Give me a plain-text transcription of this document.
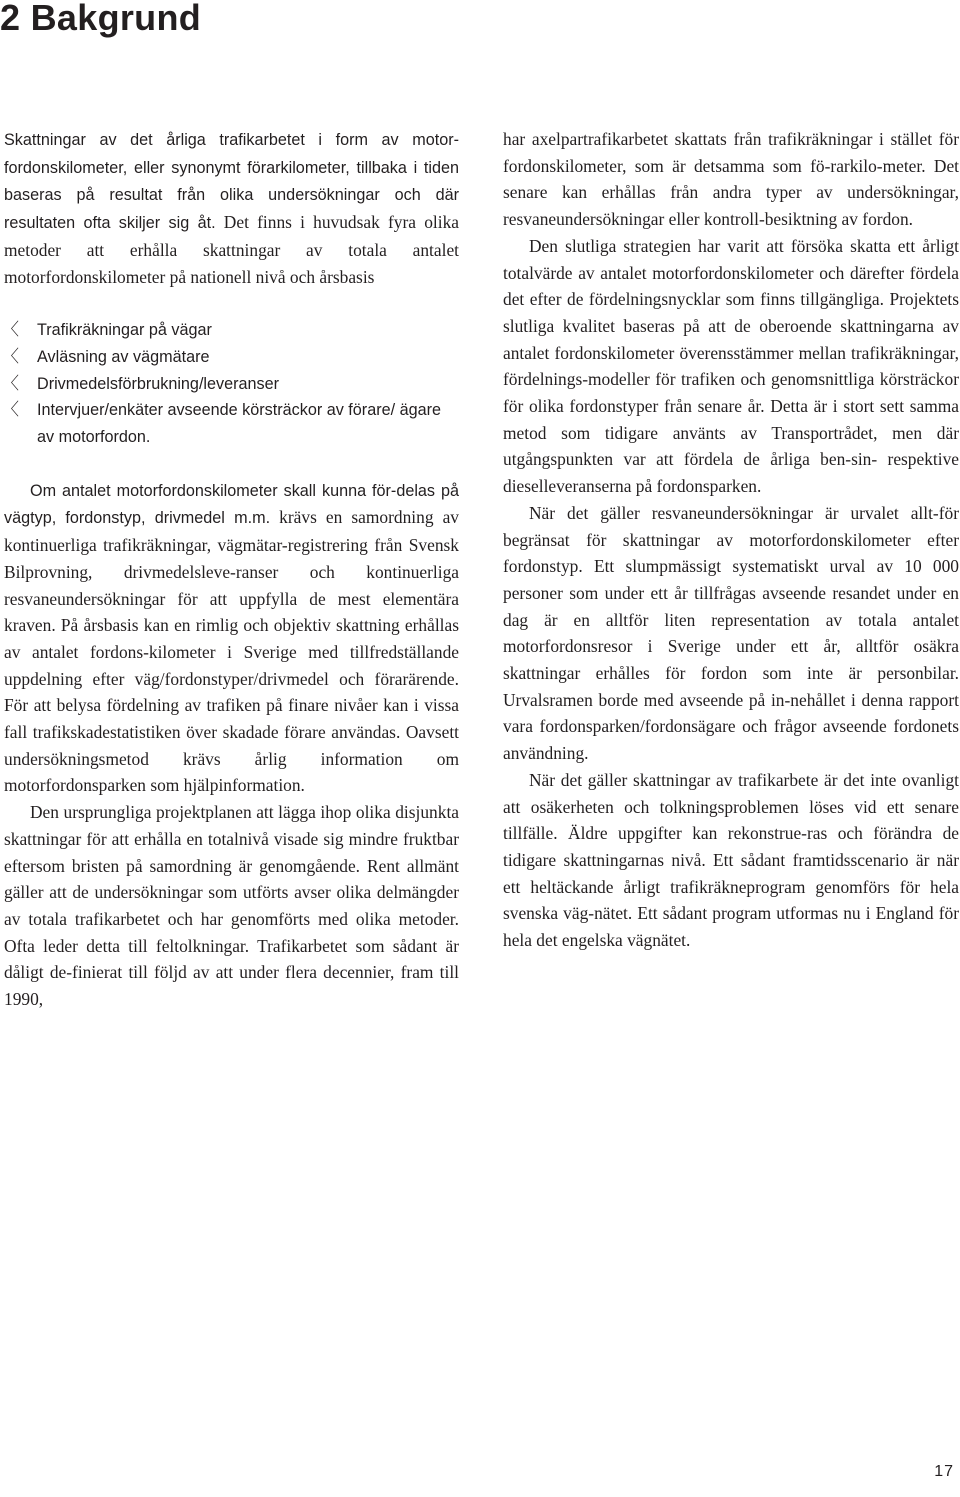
2 Bakgrund

Skattningar av det årliga trafikarbetet i form av motor-fordonskilometer, eller synonymt förarkilometer, tillbaka i tiden baseras på resultat från olika undersökningar och där resultaten ofta skiljer sig åt. Det finns i huvudsak fyra olika metoder att erhålla skattningar av totala antalet motorfordonskilometer på nationell nivå och årsbasis

〈 Trafikräkningar på vägar
〈 Avläsning av vägmätare
〈 Drivmedelsförbrukning/leveranser
〈 Intervjuer/enkäter avseende körsträckor av förare/ ägare av motorfordon.

Om antalet motorfordonskilometer skall kunna för-delas på vägtyp, fordonstyp, drivmedel m.m. krävs en samordning av kontinuerliga trafikräkningar, vägmätar-registrering från Svensk Bilprovning, drivmedelsleve-ranser och kontinuerliga resvaneundersökningar för att uppfylla de mest elementära kraven. På årsbasis kan en rimlig och objektiv skattning erhållas av antalet fordons-kilometer i Sverige med tillfredställande uppdelning efter väg/fordonstyper/drivmedel och förarärende. För att belysa fördelning av trafiken på finare nivåer kan i vissa fall trafikskadestatistiken över skadade förare användas. Oavsett undersökningsmetod krävs årlig information om motorfordonsparken som hjälpinformation.

Den ursprungliga projektplanen att lägga ihop olika disjunkta skattningar för att erhålla en totalnivå visade sig mindre fruktbar eftersom bristen på samordning är genomgående. Rent allmänt gäller att de undersökningar som utförts avser olika delmängder av totala trafikarbetet och har genomförts med olika metoder. Ofta leder detta till feltolkningar. Trafikarbetet som sådant är dåligt de-finierat till följd av att under flera decennier, fram till 1990,

har axelpartrafikarbetet skattats från trafikräkningar i stället för fordonskilometer, som är detsamma som fö-rarkilo-meter. Det senare kan erhållas från andra typer av undersökningar, resvaneundersökningar eller kontroll-besiktning av fordon.

Den slutliga strategien har varit att försöka skatta ett årligt totalvärde av antalet motorfordonskilometer och därefter fördela det efter de fördelningsnycklar som finns tillgängliga. Projektets slutliga kvalitet baseras på att de oberoende skattningarna av antalet fordonskilometer överensstämmer mellan trafikräkningar, fördelnings-modeller för trafiken och genomsnittliga körsträckor för olika fordonstyper från senare år. Detta är i stort sett samma metod som tidigare använts av Transportrådet, men där utgångspunkten var att fördela de årliga ben-sin- respektive dieselleveranserna på fordonsparken.

När det gäller resvaneundersökningar är urvalet allt-för begränsat för skattningar av motorfordonskilometer efter fordonstyp. Ett slumpmässigt systematiskt urval av 10 000 personer som under ett år tillfrågas avseende resandet under en dag är en alltför liten representation av totala antalet motorfordonsresor i Sverige under ett år, alltför osäkra skattningar erhålles för fordon som inte är personbilar. Urvalsramen borde med avseende på in-nehållet i denna rapport vara fordonsparken/fordonsägare och frågor avseende fordonets användning.

När det gäller skattningar av trafikarbete är det inte ovanligt att osäkerheten och tolkningsproblemen löses vid ett senare tillfälle. Äldre uppgifter kan rekonstrue-ras och förändra de tidigare skattningarnas nivå. Ett sådant framtidsscenario är när ett heltäckande årligt trafikräkneprogram genomförs för hela svenska väg-nätet. Ett sådant program utformas nu i England för hela det engelska vägnätet.

17
